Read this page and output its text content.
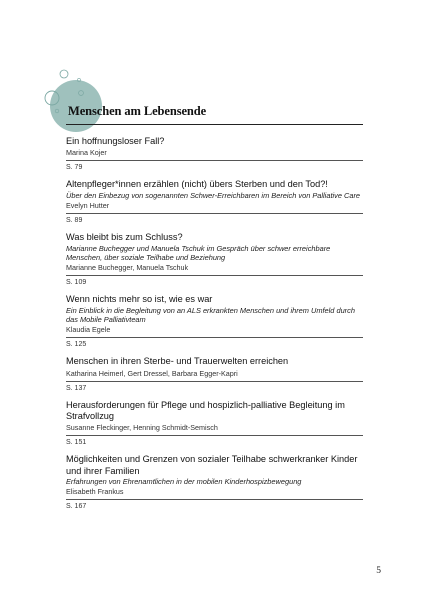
Menschen am Lebensende
Ein hoffnungsloser Fall?
Marina Kojer
S. 79
Altenpfleger*innen erzählen (nicht) übers Sterben und den Tod?!
Über den Einbezug von sogenannten Schwer-Erreichbaren im Bereich von Palliative Care
Evelyn Hutter
S. 89
Was bleibt bis zum Schluss?
Marianne Buchegger und Manuela Tschuk im Gespräch über schwer erreichbare Menschen, über soziale Teilhabe und Beziehung
Marianne Buchegger, Manuela Tschuk
S. 109
Wenn nichts mehr so ist, wie es war
Ein Einblick in die Begleitung von an ALS erkrankten Menschen und ihrem Umfeld durch das Mobile Palliativteam
Klaudia Egele
S. 125
Menschen in ihren Sterbe- und Trauerwelten erreichen
Katharina Heimerl, Gert Dressel, Barbara Egger-Kapri
S. 137
Herausforderungen für Pflege und hospizlich-palliative Begleitung im Strafvollzug
Susanne Fleckinger, Henning Schmidt-Semisch
S. 151
Möglichkeiten und Grenzen von sozialer Teilhabe schwerkranker Kinder und ihrer Familien
Erfahrungen von Ehrenamtlichen in der mobilen Kinderhospizbewegung
Elisabeth Frankus
S. 167
5
